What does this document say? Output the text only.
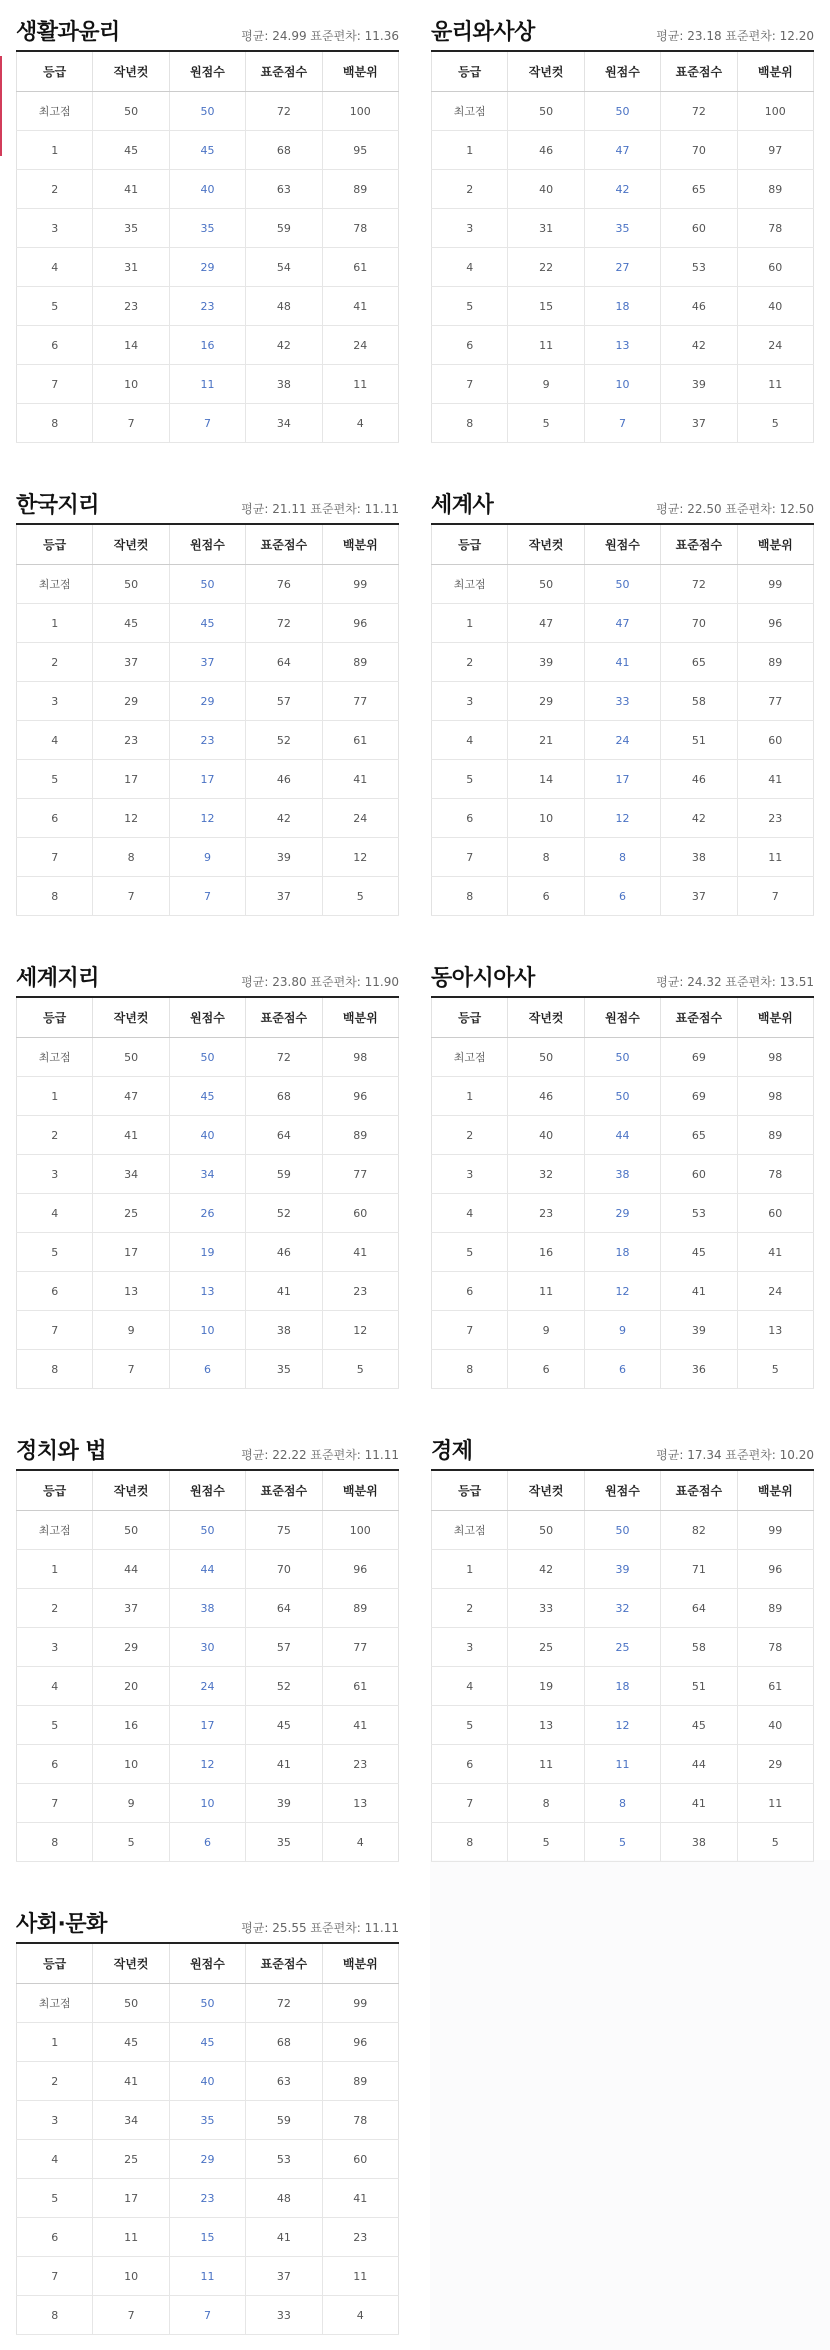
생활과윤리	평균: 24.99 표준편차: 11.36
등급	작년컷	원점수	표준점수	백분위
최고점	50	50	72	100
1	45	45	68	95
2	41	40	63	89
3	35	35	59	78
4	31	29	54	61
5	23	23	48	41
6	14	16	42	24
7	10	11	38	11
8	7	7	34	4
윤리와사상	평균: 23.18 표준편차: 12.20
등급	작년컷	원점수	표준점수	백분위
최고점	50	50	72	100
1	46	47	70	97
2	40	42	65	89
3	31	35	60	78
4	22	27	53	60
5	15	18	46	40
6	11	13	42	24
7	9	10	39	11
8	5	7	37	5
한국지리	평균: 21.11 표준편차: 11.11
등급	작년컷	원점수	표준점수	백분위
최고점	50	50	76	99
1	45	45	72	96
2	37	37	64	89
3	29	29	57	77
4	23	23	52	61
5	17	17	46	41
6	12	12	42	24
7	8	9	39	12
8	7	7	37	5
세계사	평균: 22.50 표준편차: 12.50
등급	작년컷	원점수	표준점수	백분위
최고점	50	50	72	99
1	47	47	70	96
2	39	41	65	89
3	29	33	58	77
4	21	24	51	60
5	14	17	46	41
6	10	12	42	23
7	8	8	38	11
8	6	6	37	7
세계지리	평균: 23.80 표준편차: 11.90
등급	작년컷	원점수	표준점수	백분위
최고점	50	50	72	98
1	47	45	68	96
2	41	40	64	89
3	34	34	59	77
4	25	26	52	60
5	17	19	46	41
6	13	13	41	23
7	9	10	38	12
8	7	6	35	5
동아시아사	평균: 24.32 표준편차: 13.51
등급	작년컷	원점수	표준점수	백분위
최고점	50	50	69	98
1	46	50	69	98
2	40	44	65	89
3	32	38	60	78
4	23	29	53	60
5	16	18	45	41
6	11	12	41	24
7	9	9	39	13
8	6	6	36	5
정치와 법	평균: 22.22 표준편차: 11.11
등급	작년컷	원점수	표준점수	백분위
최고점	50	50	75	100
1	44	44	70	96
2	37	38	64	89
3	29	30	57	77
4	20	24	52	61
5	16	17	45	41
6	10	12	41	23
7	9	10	39	13
8	5	6	35	4
경제	평균: 17.34 표준편차: 10.20
등급	작년컷	원점수	표준점수	백분위
최고점	50	50	82	99
1	42	39	71	96
2	33	32	64	89
3	25	25	58	78
4	19	18	51	61
5	13	12	45	40
6	11	11	44	29
7	8	8	41	11
8	5	5	38	5
사회·문화	평균: 25.55 표준편차: 11.11
등급	작년컷	원점수	표준점수	백분위
최고점	50	50	72	99
1	45	45	68	96
2	41	40	63	89
3	34	35	59	78
4	25	29	53	60
5	17	23	48	41
6	11	15	41	23
7	10	11	37	11
8	7	7	33	4
